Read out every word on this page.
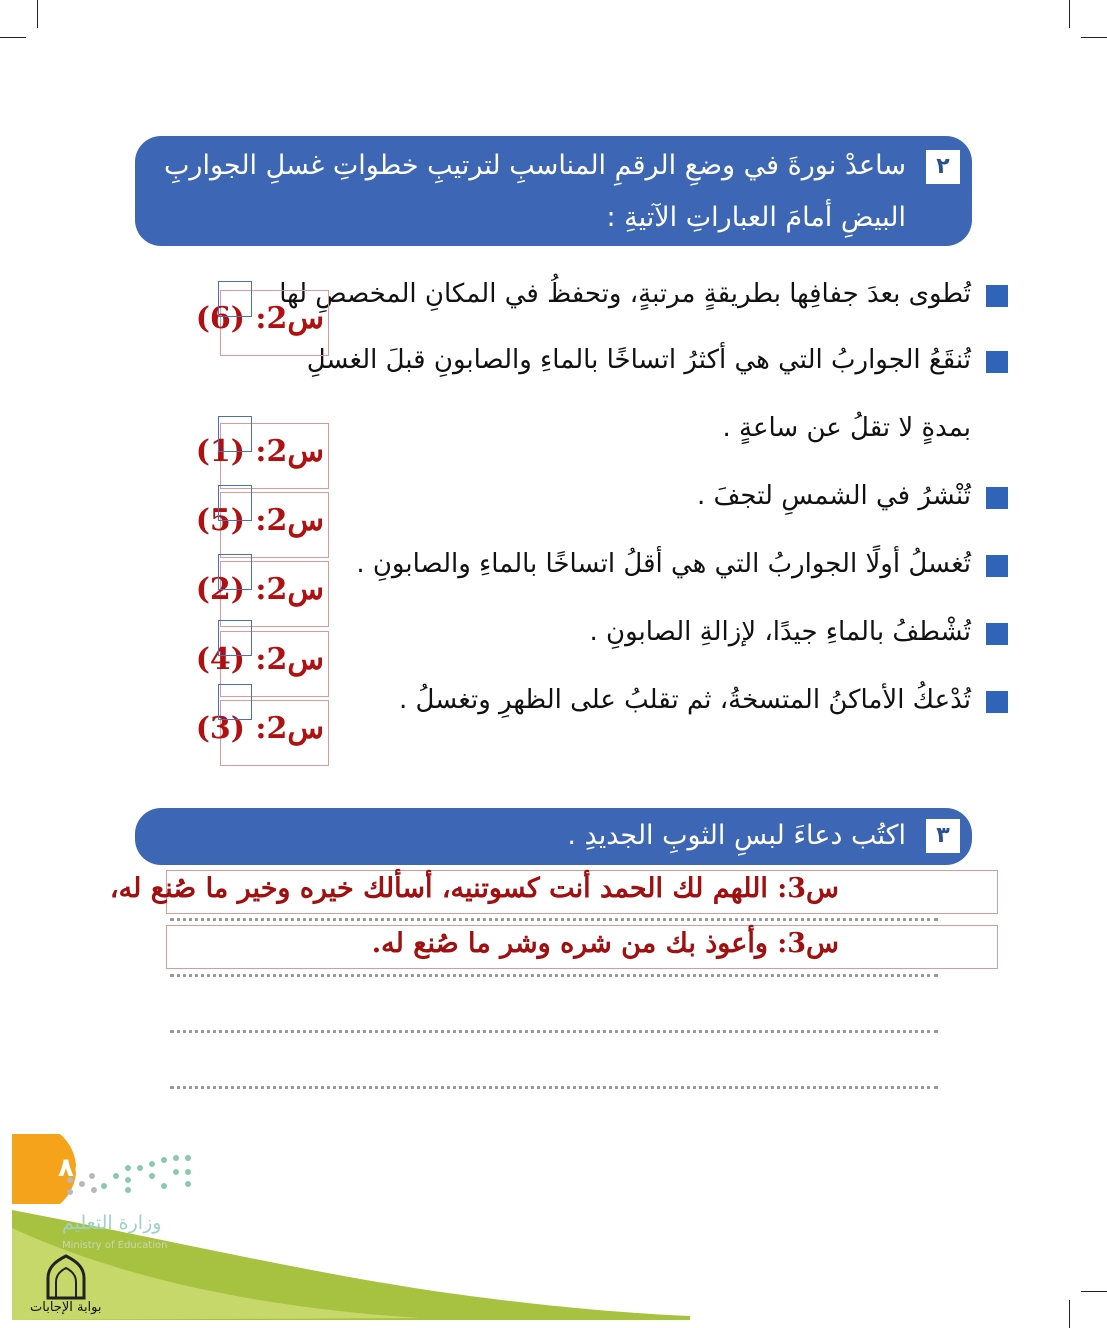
٢
ساعدْ نورةَ في وضعِ الرقمِ المناسبِ لترتيبِ خطواتِ غسلِ الجواربِ
البيضِ أمامَ العباراتِ الآتيةِ :
تُطوى بعدَ جفافِها بطريقةٍ مرتبةٍ، وتحفظُ في المكانِ المخصصِ لها
تُنقَعُ الجواربُ التي هي أكثرُ اتساخًا بالماءِ والصابونِ قبلَ الغسلِ
بمدةٍ لا تقلُ عن ساعةٍ .
تُنْشرُ في الشمسِ لتجفَ .
تُغسلُ أولًا الجواربُ التي هي أقلُ اتساخًا بالماءِ والصابونِ .
تُشْطفُ بالماءِ جيدًا، لإزالةِ الصابونِ .
تُدْعكُ الأماكنُ المتسخةُ، ثم تقلبُ على الظهرِ وتغسلُ .
س2: (6)
س2: (1)
س2: (5)
س2: (2)
س2: (4)
س2: (3)
٣
اكتُب دعاءَ لبسِ الثوبِ الجديدِ .
س3: اللهم لك الحمد أنت كسوتنيه، أسألك خيره وخير ما صُنع له،
س3: وأعوذ بك من شره وشر ما صُنع له.
٨٥
وزارة التعليم
Ministry of Education
بوابة الإجابات
